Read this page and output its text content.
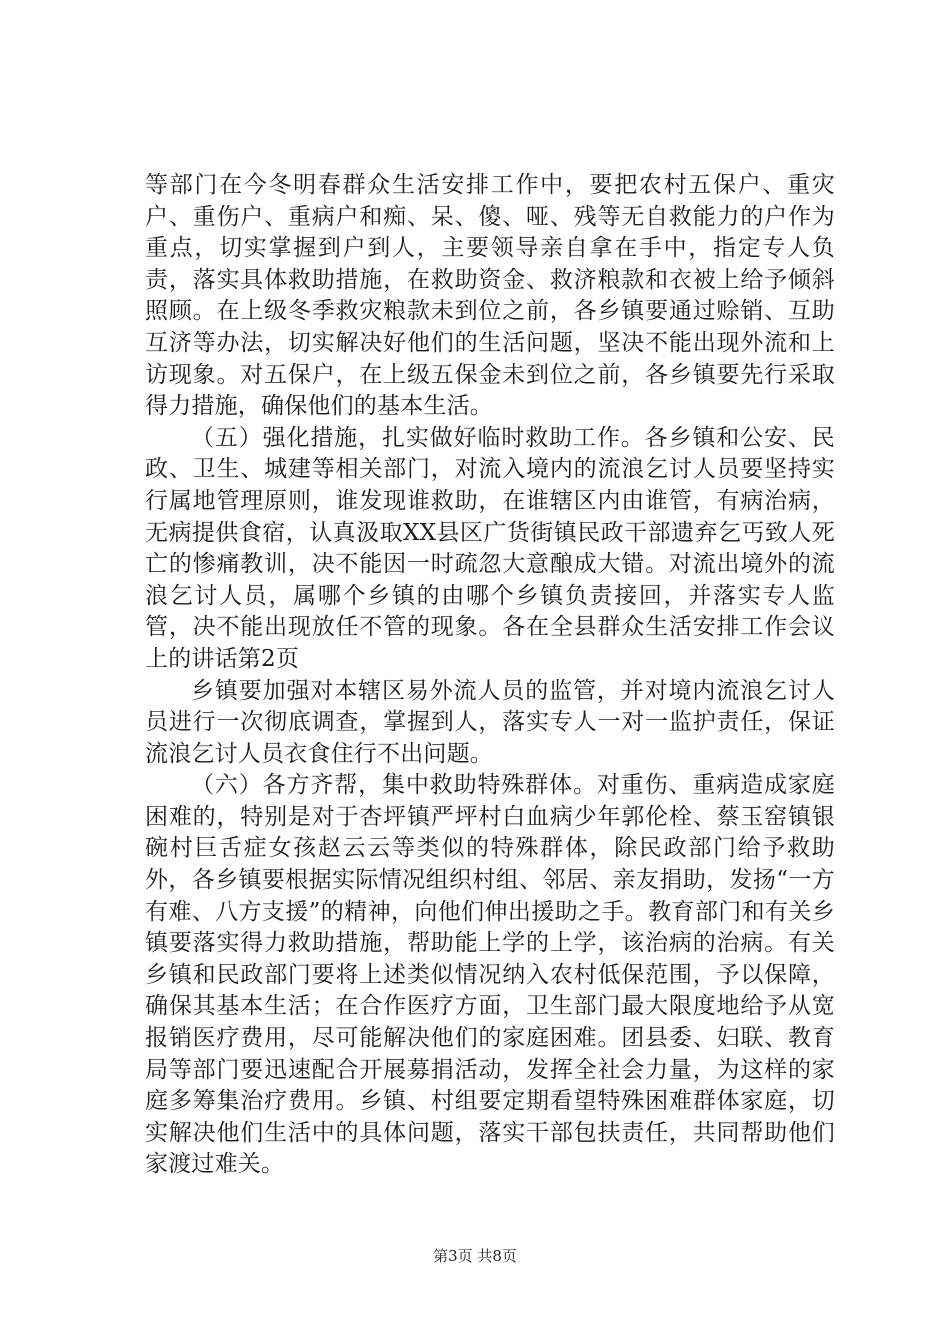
等部门在今冬明春群众生活安排工作中，要把农村五保户、重灾户、重伤户、重病户和痴、呆、傻、哑、残等无自救能力的户作为重点，切实掌握到户到人，主要领导亲自拿在手中，指定专人负责，落实具体救助措施，在救助资金、救济粮款和衣被上给予倾斜照顾。在上级冬季救灾粮款未到位之前，各乡镇要通过赊销、互助互济等办法，切实解决好他们的生活问题，坚决不能出现外流和上访现象。对五保户，在上级五保金未到位之前，各乡镇要先行采取得力措施，确保他们的基本生活。

（五）强化措施，扎实做好临时救助工作。各乡镇和公安、民政、卫生、城建等相关部门，对流入境内的流浪乞讨人员要坚持实行属地管理原则，谁发现谁救助，在谁辖区内由谁管，有病治病，无病提供食宿，认真汲取XX县区广货街镇民政干部遗弃乞丐致人死亡的惨痛教训，决不能因一时疏忽大意酿成大错。对流出境外的流浪乞讨人员，属哪个乡镇的由哪个乡镇负责接回，并落实专人监管，决不能出现放任不管的现象。各在全县群众生活安排工作会议上的讲话第2页

乡镇要加强对本辖区易外流人员的监管，并对境内流浪乞讨人员进行一次彻底调查，掌握到人，落实专人一对一监护责任，保证流浪乞讨人员衣食住行不出问题。

（六）各方齐帮，集中救助特殊群体。对重伤、重病造成家庭困难的，特别是对于杏坪镇严坪村白血病少年郭伦栓、蔡玉窑镇银碗村巨舌症女孩赵云云等类似的特殊群体，除民政部门给予救助外，各乡镇要根据实际情况组织村组、邻居、亲友捐助，发扬“一方有难、八方支援”的精神，向他们伸出援助之手。教育部门和有关乡镇要落实得力救助措施，帮助能上学的上学，该治病的治病。有关乡镇和民政部门要将上述类似情况纳入农村低保范围，予以保障，确保其基本生活；在合作医疗方面，卫生部门最大限度地给予从宽报销医疗费用，尽可能解决他们的家庭困难。团县委、妇联、教育局等部门要迅速配合开展募捐活动，发挥全社会力量，为这样的家庭多筹集治疗费用。乡镇、村组要定期看望特殊困难群体家庭，切实解决他们生活中的具体问题，落实干部包扶责任，共同帮助他们家渡过难关。

第3页 共8页
